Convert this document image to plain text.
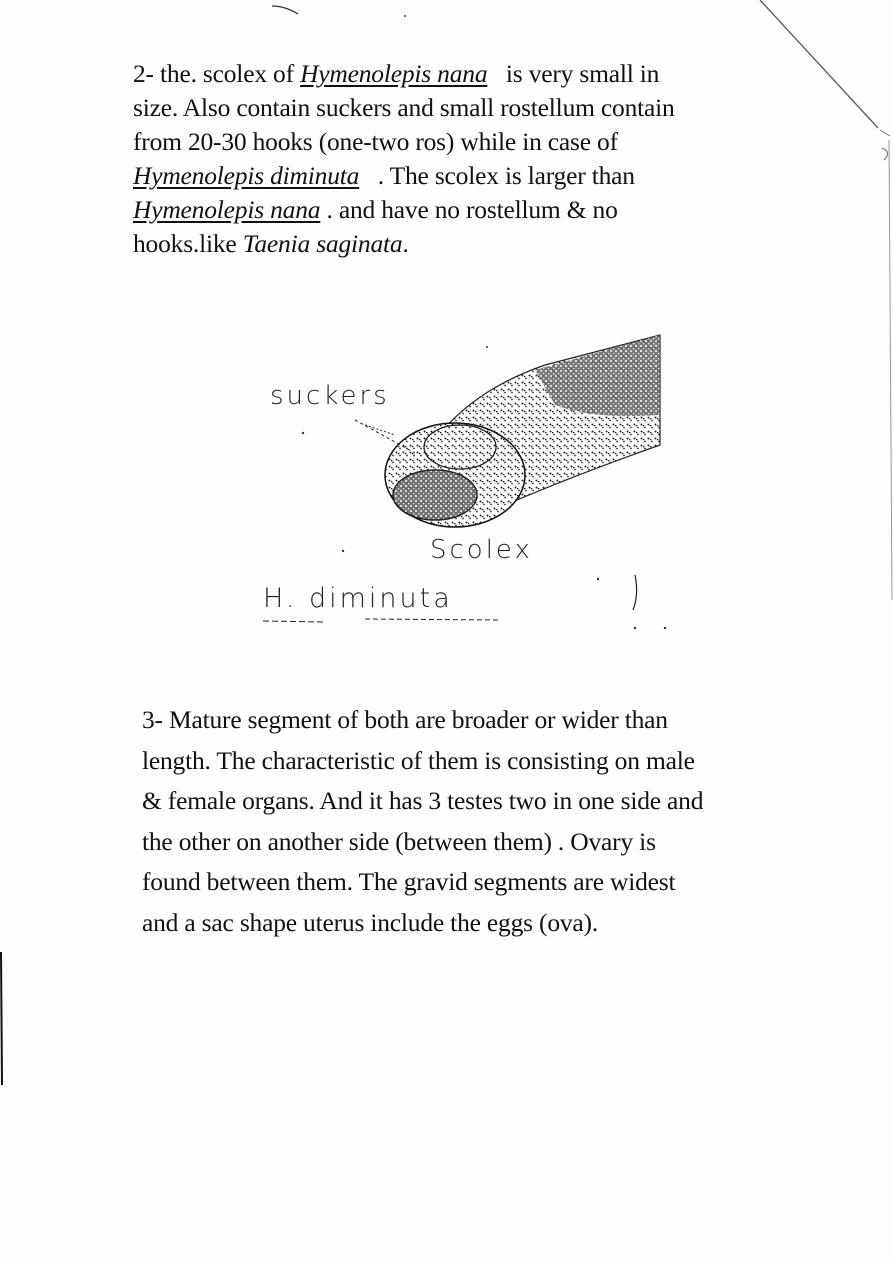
2- the. scolex of Hymenolepis nana is very small in
size. Also contain suckers and small rostellum contain
from 20-30 hooks (one-two ros) while in case of
Hymenolepis diminuta . The scolex is larger than
Hymenolepis nana . and have no rostellum & no
hooks.like Taenia saginata.
suckers
Scolex
H. diminuta
3- Mature segment of both are broader or wider than
length. The characteristic of them is consisting on male
& female organs. And it has 3 testes two in one side and
the other on another side (between them) . Ovary is
found between them. The gravid segments are widest
and a sac shape uterus include the eggs (ova).
